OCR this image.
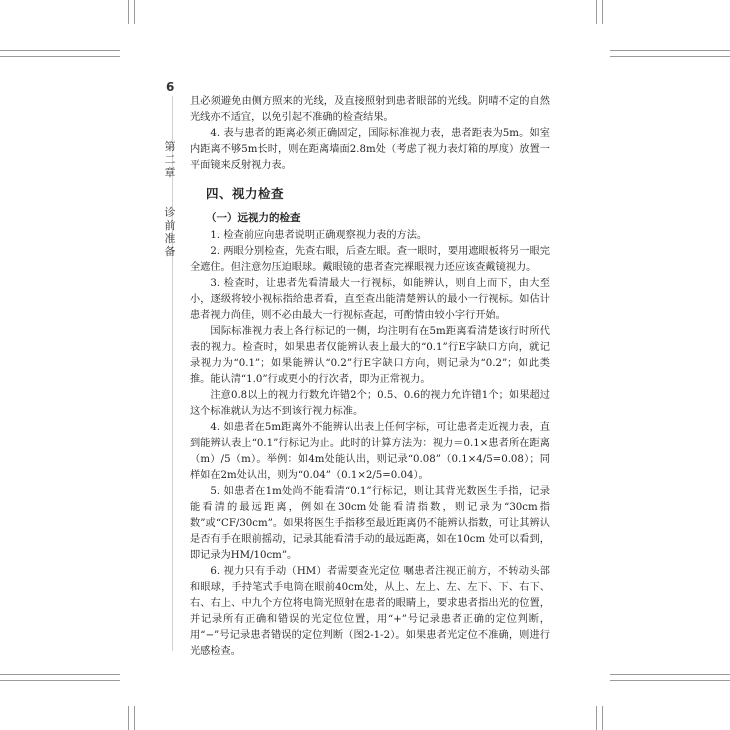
6
第二章
诊前准备

且必须避免由侧方照来的光线，及直接照射到患者眼部的光线。阴晴不定的自然光线亦不适宜，以免引起不准确的检查结果。

4. 表与患者的距离必须正确固定，国际标准视力表，患者距表为5m。如室内距离不够5m长时，则在距离墙面2.8m处（考虑了视力表灯箱的厚度）放置一平面镜来反射视力表。

四、视力检查
（一）远视力的检查

1. 检查前应向患者说明正确观察视力表的方法。

2. 两眼分别检查，先查右眼，后查左眼。查一眼时，要用遮眼板将另一眼完全遮住。但注意勿压迫眼球。戴眼镜的患者查完裸眼视力还应该查戴镜视力。

3. 检查时，让患者先看清最大一行视标，如能辨认，则自上而下，由大至小，逐级将较小视标指给患者看，直至查出能清楚辨认的最小一行视标。如估计患者视力尚佳，则不必由最大一行视标查起，可酌情由较小字行开始。

国际标准视力表上各行标记的一侧，均注明有在5m距离看清楚该行时所代表的视力。检查时，如果患者仅能辨认表上最大的“0.1”行E字缺口方向，就记录视力为“0.1”；如果能辨认“0.2”行E字缺口方向，则记录为“0.2”；如此类推。能认清“1.0”行或更小的行次者，即为正常视力。

注意0.8以上的视力行数允许错2个；0.5、0.6的视力允许错1个；如果超过这个标准就认为达不到该行视力标准。

4. 如患者在5m距离外不能辨认出表上任何字标，可让患者走近视力表，直到能辨认表上“0.1”行标记为止。此时的计算方法为：视力＝0.1×患者所在距离（m）/5（m）。举例：如4m处能认出，则记录“0.08”（0.1×4/5=0.08）；同样如在2m处认出，则为“0.04”（0.1×2/5=0.04）。

5. 如患者在1m处尚不能看清“0.1”行标记，则让其背光数医生手指，记录能看清的最远距离，例如在30cm处能看清指数，则记录为“30cm指数”或“CF/30cm”。如果将医生手指移至最近距离仍不能辨认指数，可让其辨认是否有手在眼前摇动，记录其能看清手动的最远距离，如在10cm 处可以看到，即记录为HM/10cm”。

6. 视力只有手动（HM）者需要查光定位 嘱患者注视正前方，不转动头部和眼球，手持笔式手电筒在眼前40cm处，从上、左上、左、左下、下、右下、右、右上、中九个方位将电筒光照射在患者的眼睛上，要求患者指出光的位置，并记录所有正确和错误的光定位位置，用“+”号记录患者正确的定位判断，用“−”号记录患者错误的定位判断（图2-1-2）。如果患者光定位不准确，则进行光感检查。
